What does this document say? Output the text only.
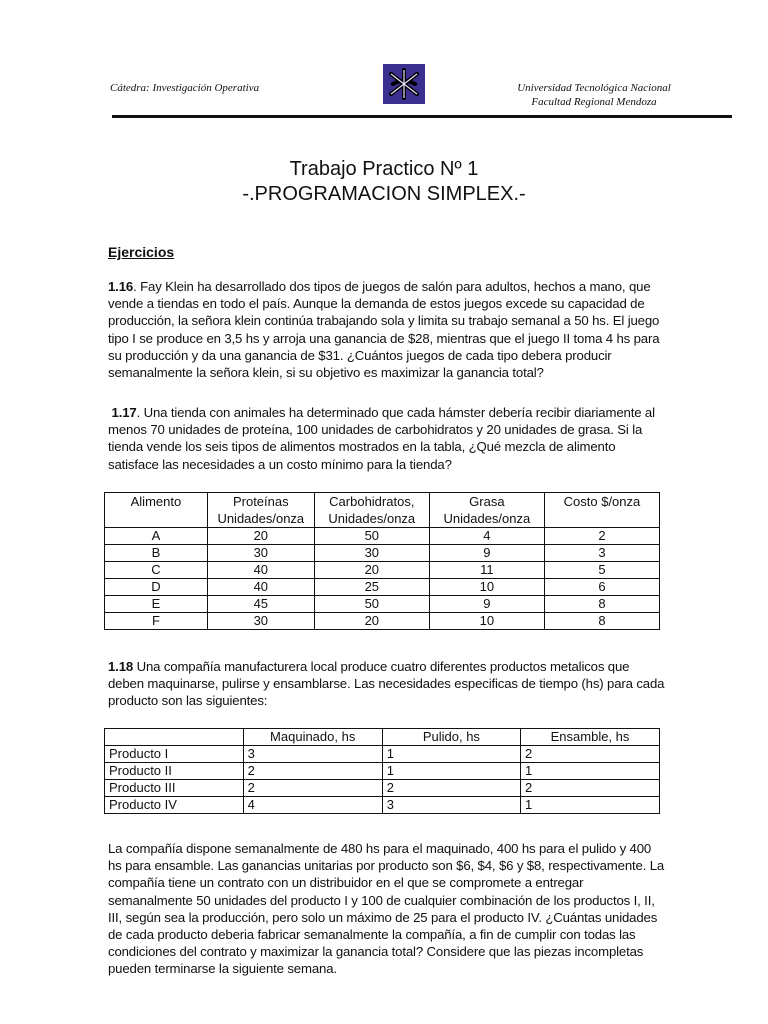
Cátedra: Investigación Operativa	Universidad Tecnológica Nacional
Facultad Regional Mendoza
Trabajo Practico Nº 1
-.PROGRAMACION SIMPLEX.-
Ejercicios

1.16. Fay Klein ha desarrollado dos tipos de juegos de salón para adultos, hechos a mano, que vende a tiendas en todo el país. Aunque la demanda de estos juegos excede su capacidad de producción, la señora klein continúa trabajando sola y limita su trabajo semanal a 50 hs. El juego tipo I se produce en 3,5 hs y arroja una ganancia de $28, mientras que el juego II toma 4 hs para su producción y da una ganancia de $31. ¿Cuántos juegos de cada tipo debera producir semanalmente la señora klein, si su objetivo es maximizar la ganancia total?

1.17. Una tienda con animales ha determinado que cada hámster debería recibir diariamente al menos 70 unidades de proteína, 100 unidades de carbohidratos y 20 unidades de grasa. Si la tienda vende los seis tipos de alimentos mostrados en la tabla, ¿Qué mezcla de alimento satisface las necesidades a un costo mínimo para la tienda?

Alimento	Proteínas Unidades/onza	Carbohidratos, Unidades/onza	Grasa Unidades/onza	Costo $/onza
A	20	50	4	2
B	30	30	9	3
C	40	20	11	5
D	40	25	10	6
E	45	50	9	8
F	30	20	10	8

1.18 Una compañía manufacturera local produce cuatro diferentes productos metalicos que deben maquinarse, pulirse y ensamblarse. Las necesidades especificas de tiempo (hs) para cada producto son las siguientes:

	Maquinado, hs	Pulido, hs	Ensamble, hs
Producto I	3	1	2
Producto II	2	1	1
Producto III	2	2	2
Producto IV	4	3	1

La compañía dispone semanalmente de 480 hs para el maquinado, 400 hs para el pulido y 400 hs para ensamble. Las ganancias unitarias por producto son $6, $4, $6 y $8, respectivamente. La compañía tiene un contrato con un distribuidor en el que se compromete a entregar semanalmente 50 unidades del producto I y 100 de cualquier combinación de los productos I, II, III, según sea la producción, pero solo un máximo de 25 para el producto IV. ¿Cuántas unidades de cada producto deberia fabricar semanalmente la compañía, a fin de cumplir con todas las condiciones del contrato y maximizar la ganancia total? Considere que las piezas incompletas pueden terminarse la siguiente semana.
